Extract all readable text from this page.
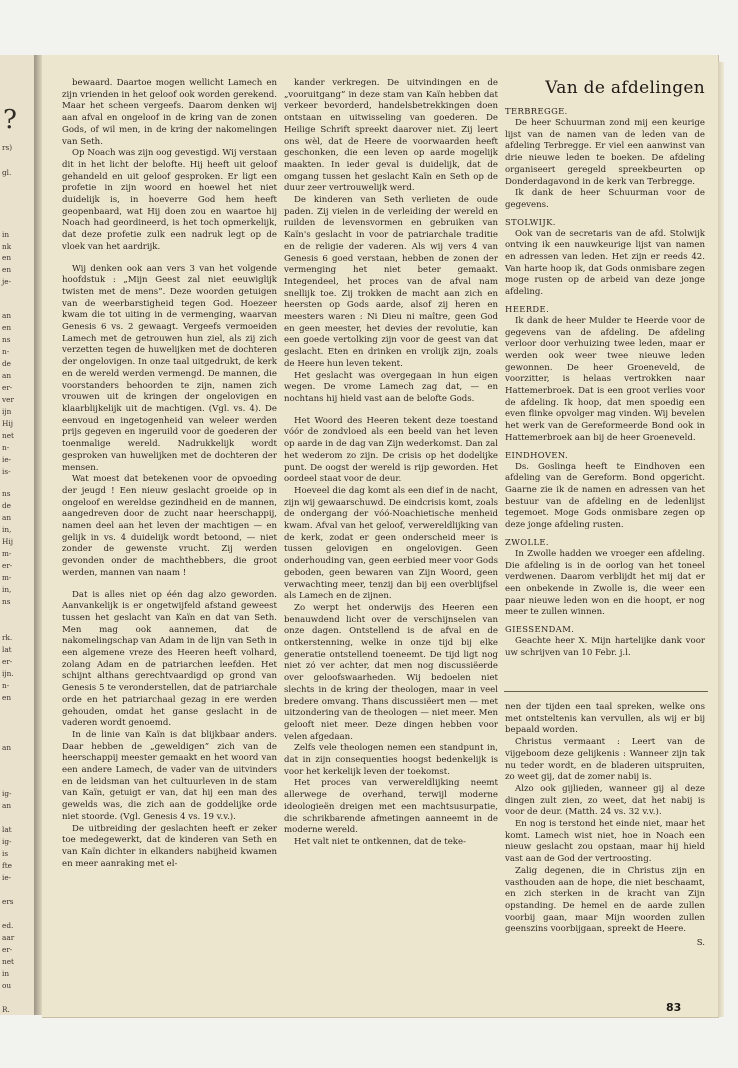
?
rs)
gl.
in
nk
en
en
je-
an
en
ns
n-
de
an
er-
ver
ijn
Hij
net
n-
ie-
is-
ns
de
an
in,
Hij
m-
er-
m-
in,
ns
rk.
lat
er-
ijn.
n-
en
an
ig-
an
lat
ig-
is
fte
ie-
ers
ed.
aar
er-
net
in
ou
R.

bewaard. Daartoe mogen wellicht Lamech en zijn vrienden in het geloof ook worden gerekend. Maar het scheen vergeefs. Daarom denken wij aan afval en ongeloof in de kring van de zonen Gods, of wil men, in de kring der nakomelingen van Seth.

Op Noach was zijn oog gevestigd. Wij verstaan dit in het licht der belofte. Hij heeft uit geloof gehandeld en uit geloof gesproken. Er ligt een profetie in zijn woord en hoewel het niet duidelijk is, in hoeverre God hem heeft geopenbaard, wat Hij doen zou en waartoe hij Noach had geordineerd, is het toch opmerkelijk, dat deze profetie zulk een nadruk legt op de vloek van het aardrijk.

Wij denken ook aan vers 3 van het volgende hoofdstuk : „Mijn Geest zal niet eeuwiglijk twisten met de mens”. Deze woorden getuigen van de weerbarstigheid tegen God. Hoezeer kwam die tot uiting in de vermenging, waarvan Genesis 6 vs. 2 gewaagt. Vergeefs vermoeiden Lamech met de getrouwen hun ziel, als zij zich verzetten tegen de huwelijken met de dochteren der ongelovigen. In onze taal uitgedrukt, de kerk en de wereld werden vermengd. De mannen, die voorstanders behoorden te zijn, namen zich vrouwen uit de kringen der ongelovigen en klaarblijkelijk uit de machtigen. (Vgl. vs. 4). De eenvoud en ingetogenheid van weleer werden prijs gegeven en ingeruild voor de goederen der toenmalige wereld. Nadrukkelijk wordt gesproken van huwelijken met de dochteren der mensen.

Wat moest dat betekenen voor de opvoeding der jeugd ! Een nieuw geslacht groeide op in ongeloof en wereldse gezindheid en de mannen, aangedreven door de zucht naar heerschappij, namen deel aan het leven der machtigen — en gelijk in vs. 4 duidelijk wordt betoond, — niet zonder de gewenste vrucht. Zij werden gevonden onder de machthebbers, die groot werden, mannen van naam !

Dat is alles niet op één dag alzo geworden. Aanvankelijk is er ongetwijfeld afstand geweest tussen het geslacht van Kaïn en dat van Seth. Men mag ook aannemen, dat de nakomelingschap van Adam in de lijn van Seth in een algemene vreze des Heeren heeft volhard, zolang Adam en de patriarchen leefden. Het schijnt althans gerechtvaardigd op grond van Genesis 5 te veronderstellen, dat de patriarchale orde en het patriarchaal gezag in ere werden gehouden, omdat het ganse geslacht in de vaderen wordt genoemd.

In de linie van Kaïn is dat blijkbaar anders. Daar hebben de „geweldigen” zich van de heerschappij meester gemaakt en het woord van een andere Lamech, de vader van de uitvinders en de leidsman van het cultuurleven in de stam van Kaïn, getuigt er van, dat hij een man des gewelds was, die zich aan de goddelijke orde niet stoorde. (Vgl. Genesis 4 vs. 19 v.v.).

De uitbreiding der geslachten heeft er zeker toe medegewerkt, dat de kinderen van Seth en van Kaïn dichter in elkanders nabijheid kwamen en meer aanraking met el-

kander verkregen. De uitvindingen en de „vooruitgang” in deze stam van Kaïn hebben dat verkeer bevorderd, handelsbetrekkingen doen ontstaan en uitwisseling van goederen. De Heilige Schrift spreekt daarover niet. Zij leert ons wèl, dat de Heere de voorwaarden heeft geschonken, die een leven op aarde mogelijk maakten. In ieder geval is duidelijk, dat de omgang tussen het geslacht Kaïn en Seth op de duur zeer vertrouwelijk werd.

De kinderen van Seth verlieten de oude paden. Zij vielen in de verleiding der wereld en ruilden de levensvormen en gebruiken van Kaïn's geslacht in voor de patriarchale traditie en de religie der vaderen. Als wij vers 4 van Genesis 6 goed verstaan, hebben de zonen der vermenging het niet beter gemaakt. Integendeel, het proces van de afval nam snellijk toe. Zij trokken de macht aan zich en heersten op Gods aarde, alsof zij heren en meesters waren : Ni Dieu ni maître, geen God en geen meester, het devies der revolutie, kan een goede vertolking zijn voor de geest van dat geslacht. Eten en drinken en vrolijk zijn, zoals de Heere hun leven tekent.

Het geslacht was overgegaan in hun eigen wegen. De vrome Lamech zag dat, — en nochtans hij hield vast aan de belofte Gods.

Het Woord des Heeren tekent deze toestand vóór de zondvloed als een beeld van het leven op aarde in de dag van Zijn wederkomst. Dan zal het wederom zo zijn. De crisis op het dodelijke punt. De oogst der wereld is rijp geworden. Het oordeel staat voor de deur.

Hoeveel die dag komt als een dief in de nacht, zijn wij gewaarschuwd. De eindcrisis komt, zoals de ondergang der vóó-Noachietische menheid kwam. Afval van het geloof, verwereldlijking van de kerk, zodat er geen onderscheid meer is tussen gelovigen en ongelovigen. Geen onderhouding van, geen eerbied meer voor Gods geboden, geen bewaren van Zijn Woord, geen verwachting meer, tenzij dan bij een overblijfsel als Lamech en de zijnen.

Zo werpt het onderwijs des Heeren een benauwdend licht over de verschijnselen van onze dagen. Ontstellend is de afval en de ontkerstenning, welke in onze tijd bij elke generatie ontstellend toeneemt. De tijd ligt nog niet zó ver achter, dat men nog discussiëerde over geloofswaarheden. Wij bedoelen niet slechts in de kring der theologen, maar in veel bredere omvang. Thans discussiëert men — met uitzondering van de theologen — niet meer. Men gelooft niet meer. Deze dingen hebben voor velen afgedaan.

Zelfs vele theologen nemen een standpunt in, dat in zijn consequenties hoogst bedenkelijk is voor het kerkelijk leven der toekomst.

Het proces van verwereldlijking neemt allerwege de overhand, terwijl moderne ideologieën dreigen met een machtsusurpatie, die schrikbarende afmetingen aanneemt in de moderne wereld.

Het valt niet te ontkennen, dat de teke-

Van de afdelingen
TERBREGGE.

De heer Schuurman zond mij een keurige lijst van de namen van de leden van de afdeling Terbregge. Er viel een aanwinst van drie nieuwe leden te boeken. De afdeling organiseert geregeld spreekbeurten op Donderdagavond in de kerk van Terbregge.

Ik dank de heer Schuurman voor de gegevens.

STOLWIJK.

Ook van de secretaris van de afd. Stolwijk ontving ik een nauwkeurige lijst van namen en adressen van leden. Het zijn er reeds 42. Van harte hoop ik, dat Gods onmisbare zegen moge rusten op de arbeid van deze jonge afdeling.

HEERDE.

Ik dank de heer Mulder te Heerde voor de gegevens van de afdeling. De afdeling verloor door verhuizing twee leden, maar er werden ook weer twee nieuwe leden gewonnen. De heer Groeneveld, de voorzitter, is helaas vertrokken naar Hattemerbroek. Dat is een groot verlies voor de afdeling. Ik hoop, dat men spoedig een even flinke opvolger mag vinden. Wij bevelen het werk van de Gereformeerde Bond ook in Hattemerbroek aan bij de heer Groeneveld.

EINDHOVEN.

Ds. Goslinga heeft te Eindhoven een afdeling van de Gereform. Bond opgericht. Gaarne zie ik de namen en adressen van het bestuur van de afdeling en de ledenlijst tegemoet. Moge Gods onmisbare zegen op deze jonge afdeling rusten.

ZWOLLE.

In Zwolle hadden we vroeger een afdeling. Die afdeling is in de oorlog van het toneel verdwenen. Daarom verblijdt het mij dat er een onbekende in Zwolle is, die weer een paar nieuwe leden won en die hoopt, er nog meer te zullen winnen.

GIESSENDAM.

Geachte heer X. Mijn hartelijke dank voor uw schrijven van 10 Febr. j.l.

nen der tijden een taal spreken, welke ons met ontsteltenis kan vervullen, als wij er bij bepaald worden.

Christus vermaant : Leert van de vijgeboom deze gelijkenis : Wanneer zijn tak nu teder wordt, en de bladeren uitspruiten, zo weet gij, dat de zomer nabij is.

Alzo ook gijlieden, wanneer gij al deze dingen zult zien, zo weet, dat het nabij is voor de deur. (Matth. 24 vs. 32 v.v.).

En nog is terstond het einde niet, maar het komt. Lamech wist niet, hoe in Noach een nieuw geslacht zou opstaan, maar hij hield vast aan de God der vertroosting.

Zalig degenen, die in Christus zijn en vasthouden aan de hope, die niet beschaamt, en zich sterken in de kracht van Zijn opstanding. De hemel en de aarde zullen voorbij gaan, maar Mijn woorden zullen geenszins voorbijgaan, spreekt de Heere.

S.

83
